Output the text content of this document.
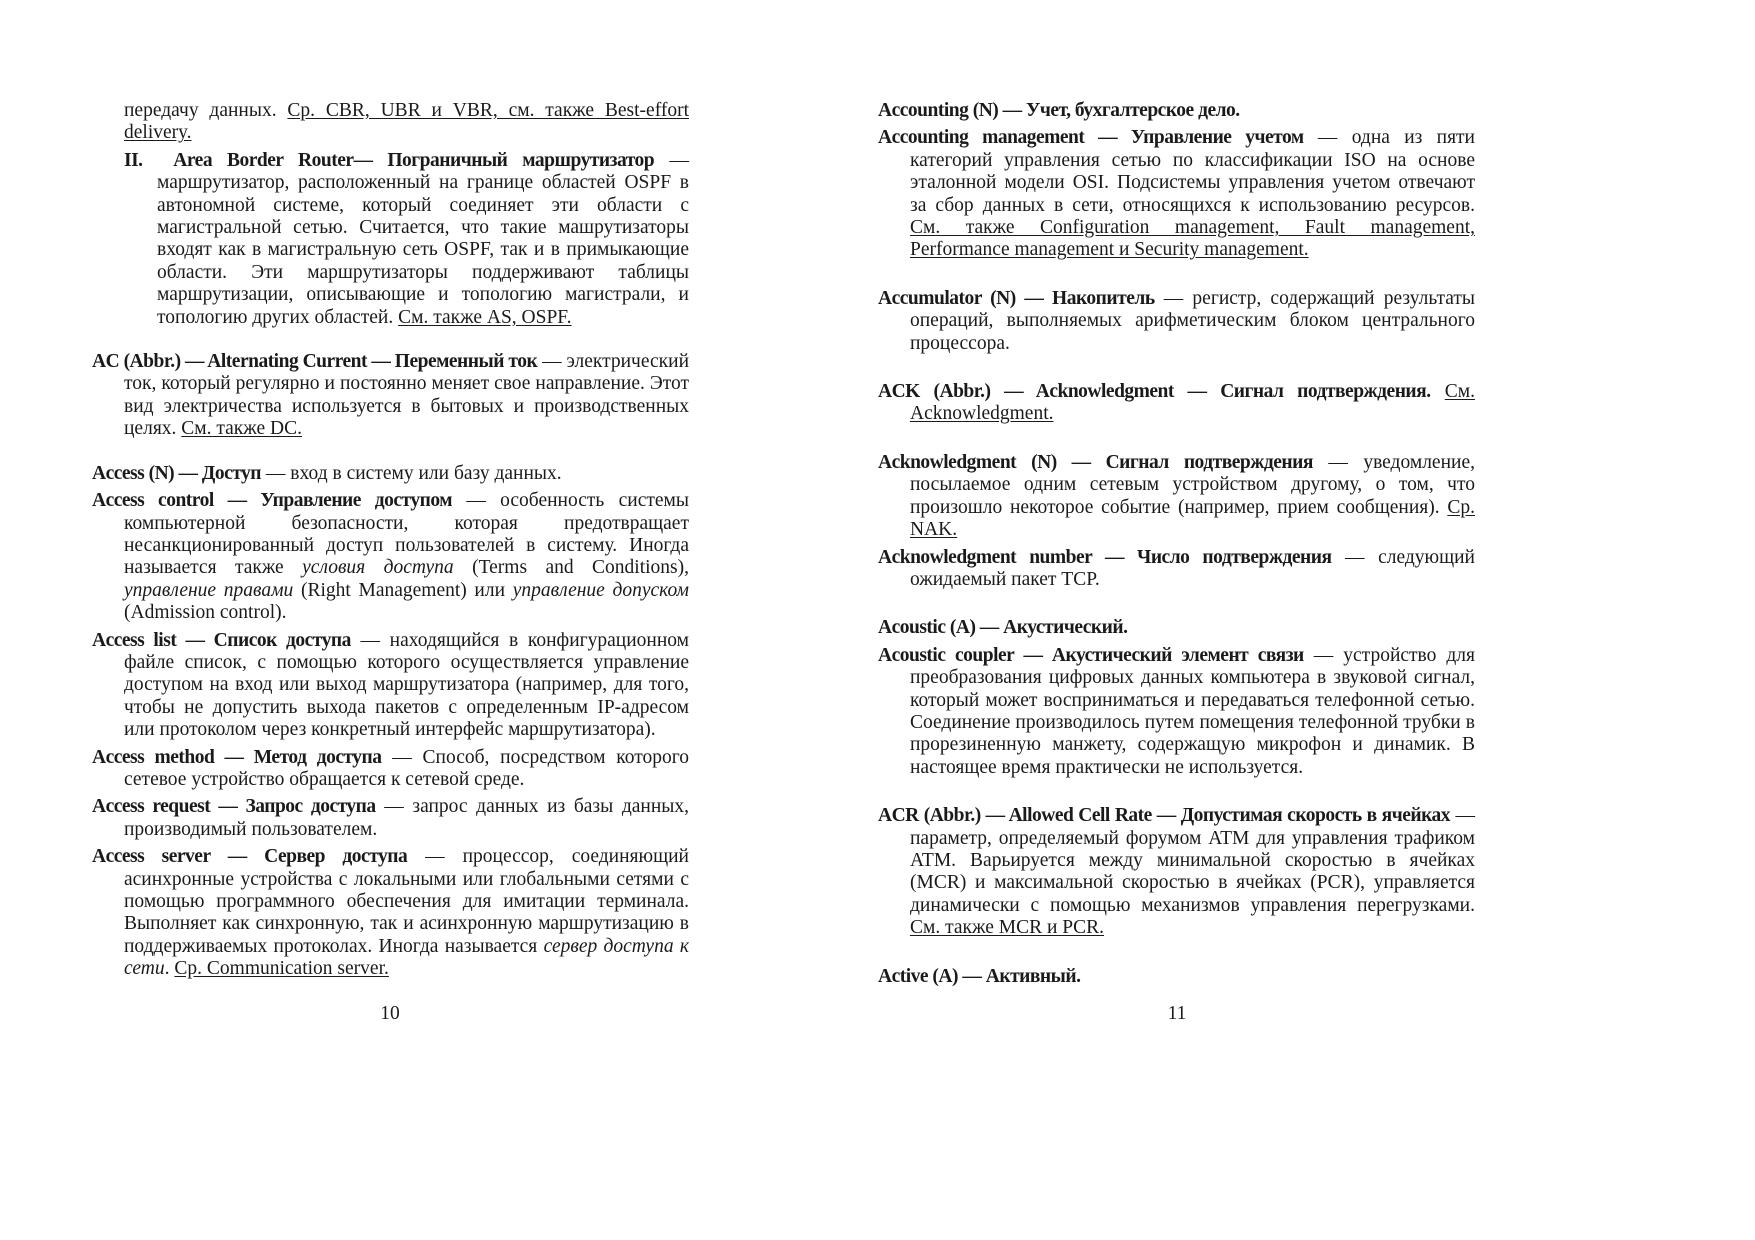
передачу данных. Ср. CBR, UBR и VBR, см. также Best-effort delivery.

II. Area Border Router— Пограничный маршрутизатор — маршрутизатор, расположенный на границе областей OSPF в автономной системе, который соединяет эти области с магистральной сетью. Считается, что такие машрутизаторы входят как в магистральную сеть OSPF, так и в примыкающие области. Эти маршрутизаторы поддерживают таблицы маршрутизации, описывающие и топологию магистрали, и топологию других областей. См. также AS, OSPF.

AC (Abbr.) — Alternating Current — Переменный ток — электрический ток, который регулярно и постоянно меняет свое направление. Этот вид электричества используется в бытовых и производственных целях. См. также DC.

Access (N) — Доступ — вход в систему или базу данных.

Access control — Управление доступом — особенность системы компьютерной безопасности, которая предотвращает несанкционированный доступ пользователей в систему. Иногда называется также условия доступа (Terms and Conditions), управление правами (Right Management) или управление допуском (Admission control).

Access list — Список доступа — находящийся в конфигурационном файле список, с помощью которого осуществляется управление доступом на вход или выход маршрутизатора (например, для того, чтобы не допустить выхода пакетов с определенным IP-адресом или протоколом через конкретный интерфейс маршрутизатора).

Access method — Метод доступа — Способ, посредством которого сетевое устройство обращается к сетевой среде.

Access request — Запрос доступа — запрос данных из базы данных, производимый пользователем.

Access server — Сервер доступа — процессор, соединяющий асинхронные устройства с локальными или глобальными сетями с помощью программного обеспечения для имитации терминала. Выполняет как синхронную, так и асинхронную маршрутизацию в поддерживаемых протоколах. Иногда называется сервер доступа к сети. Ср. Communication server.

10

Accounting (N) — Учет, бухгалтерское дело.

Accounting management — Управление учетом — одна из пяти категорий управления сетью по классификации ISO на основе эталонной модели OSI. Подсистемы управления учетом отвечают за сбор данных в сети, относящихся к использованию ресурсов. См. также Configuration management, Fault management, Performance management и Security management.

Accumulator (N) — Накопитель — регистр, содержащий результаты операций, выполняемых арифметическим блоком центрального процессора.

ACK (Abbr.) — Acknowledgment — Сигнал подтверждения. См. Acknowledgment.

Acknowledgment (N) — Сигнал подтверждения — уведомление, посылаемое одним сетевым устройством другому, о том, что произошло некоторое событие (например, прием сообщения). Ср. NAK.

Acknowledgment number — Число подтверждения — следующий ожидаемый пакет TCP.

Acoustic (A) — Акустический.

Acoustic coupler — Акустический элемент связи — устройство для преобразования цифровых данных компьютера в звуковой сигнал, который может восприниматься и передаваться телефонной сетью. Соединение производилось путем помещения телефонной трубки в прорезиненную манжету, содержащую микрофон и динамик. В настоящее время практически не используется.

ACR (Abbr.) — Allowed Cell Rate — Допустимая скорость в ячейках — параметр, определяемый форумом ATM для управления трафиком ATM. Варьируется между минимальной скоростью в ячейках (MCR) и максимальной скоростью в ячейках (PCR), управляется динамически с помощью механизмов управления перегрузками. См. также MCR и PCR.

Active (A) — Активный.

11
